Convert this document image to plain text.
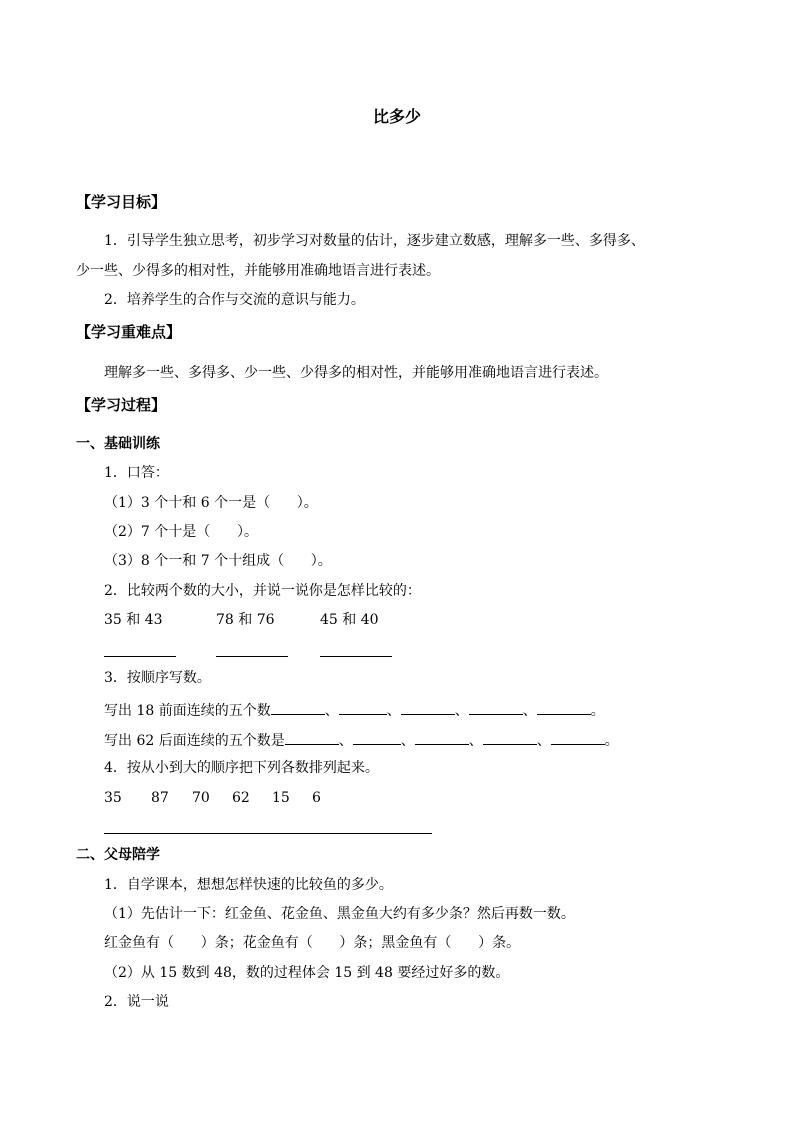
比多少
【学习目标】
1．引导学生独立思考，初步学习对数量的估计，逐步建立数感，理解多一些、多得多、
少一些、少得多的相对性，并能够用准确地语言进行表述。
2．培养学生的合作与交流的意识与能力。
【学习重难点】
理解多一些、多得多、少一些、少得多的相对性，并能够用准确地语言进行表述。
【学习过程】
一、基础训练
1．口答：
（1）3 个十和 6 个一是（      ）。
（2）7 个十是（      ）。
（3）8 个一和 7 个十组成（      ）。
2．比较两个数的大小，并说一说你是怎样比较的：
35 和 43	78 和 76	45 和 40
3．按顺序写数。
写出 18 前面连续的五个数	、	、	、	、	。
写出 62 后面连续的五个数是	、	、	、	、	。
4．按从小到大的顺序把下列各数排列起来。
35 87 70 62 15 6
二、父母陪学
1．自学课本，想想怎样快速的比较鱼的多少。
（1）先估计一下：红金鱼、花金鱼、黑金鱼大约有多少条？然后再数一数。
红金鱼有（      ）条；花金鱼有（      ）条；黑金鱼有（      ）条。
（2）从 15 数到 48，数的过程体会 15 到 48 要经过好多的数。
2．说一说
